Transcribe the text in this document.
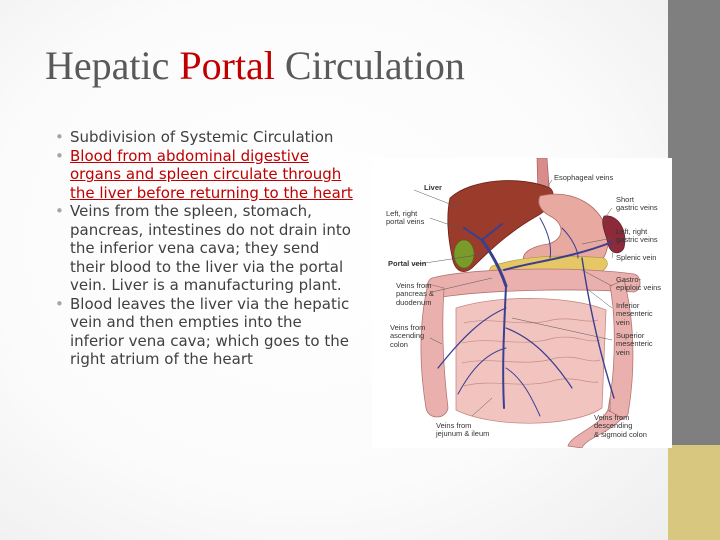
Hepatic Portal Circulation
• Subdivision of Systemic Circulation
• Blood from abdominal digestive organs and spleen circulate through the liver before returning to the heart
• Veins from the spleen, stomach, pancreas, intestines do not drain into the inferior vena cava; they send their blood to the liver via the portal vein. Liver is a manufacturing plant.
• Blood leaves the liver via the hepatic vein and then empties into the inferior vena cava; which goes to the right atrium of the heart
Liver
Left, right
portal veins
Portal vein
Veins from
pancreas &
duodenum
Veins from
ascending
colon
Esophageal veins
Short
gastric veins
Left, right
gastric veins
Splenic vein
Gastro-
epiploic veins
Inferior
mesenteric
vein
Superior
mesenteric
vein
Veins from
descending
& sigmoid colon
Veins from
jejunum & ileum
